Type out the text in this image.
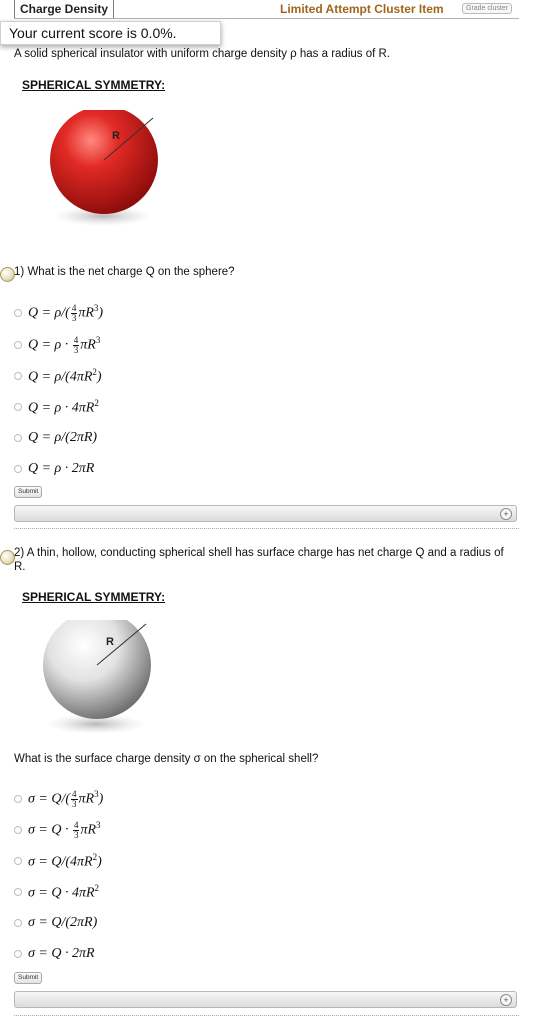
Charge Density	Limited Attempt Cluster Item	Grade cluster
Your current score is 0.0%.
A solid spherical insulator with uniform charge density ρ has a radius of R.
SPHERICAL SYMMETRY:
R
1) What is the net charge Q on the sphere?
$Q = \rho/( \frac{4}{3} \pi R^3)$
$Q = \rho \cdot \frac{4}{3} \pi R^3$
$Q = \rho/(4\pi R^2)$
$Q = \rho \cdot 4\pi R^2$
Q = ρ/(2πR)
Q = ρ · 2πR
Submit
+
2) A thin, hollow, conducting spherical shell has surface charge has net charge Q and a radius of R.
SPHERICAL SYMMETRY:
R
What is the surface charge density σ on the spherical shell?
$\sigma = Q/( \frac{4}{3} \pi R^3)$
$\sigma = Q \cdot \frac{4}{3} \pi R^3$
$\sigma = Q/(4\pi R^2)$
$\sigma = Q \cdot 4\pi R^2$
σ = Q/(2πR)
σ = Q · 2πR
Submit
+
